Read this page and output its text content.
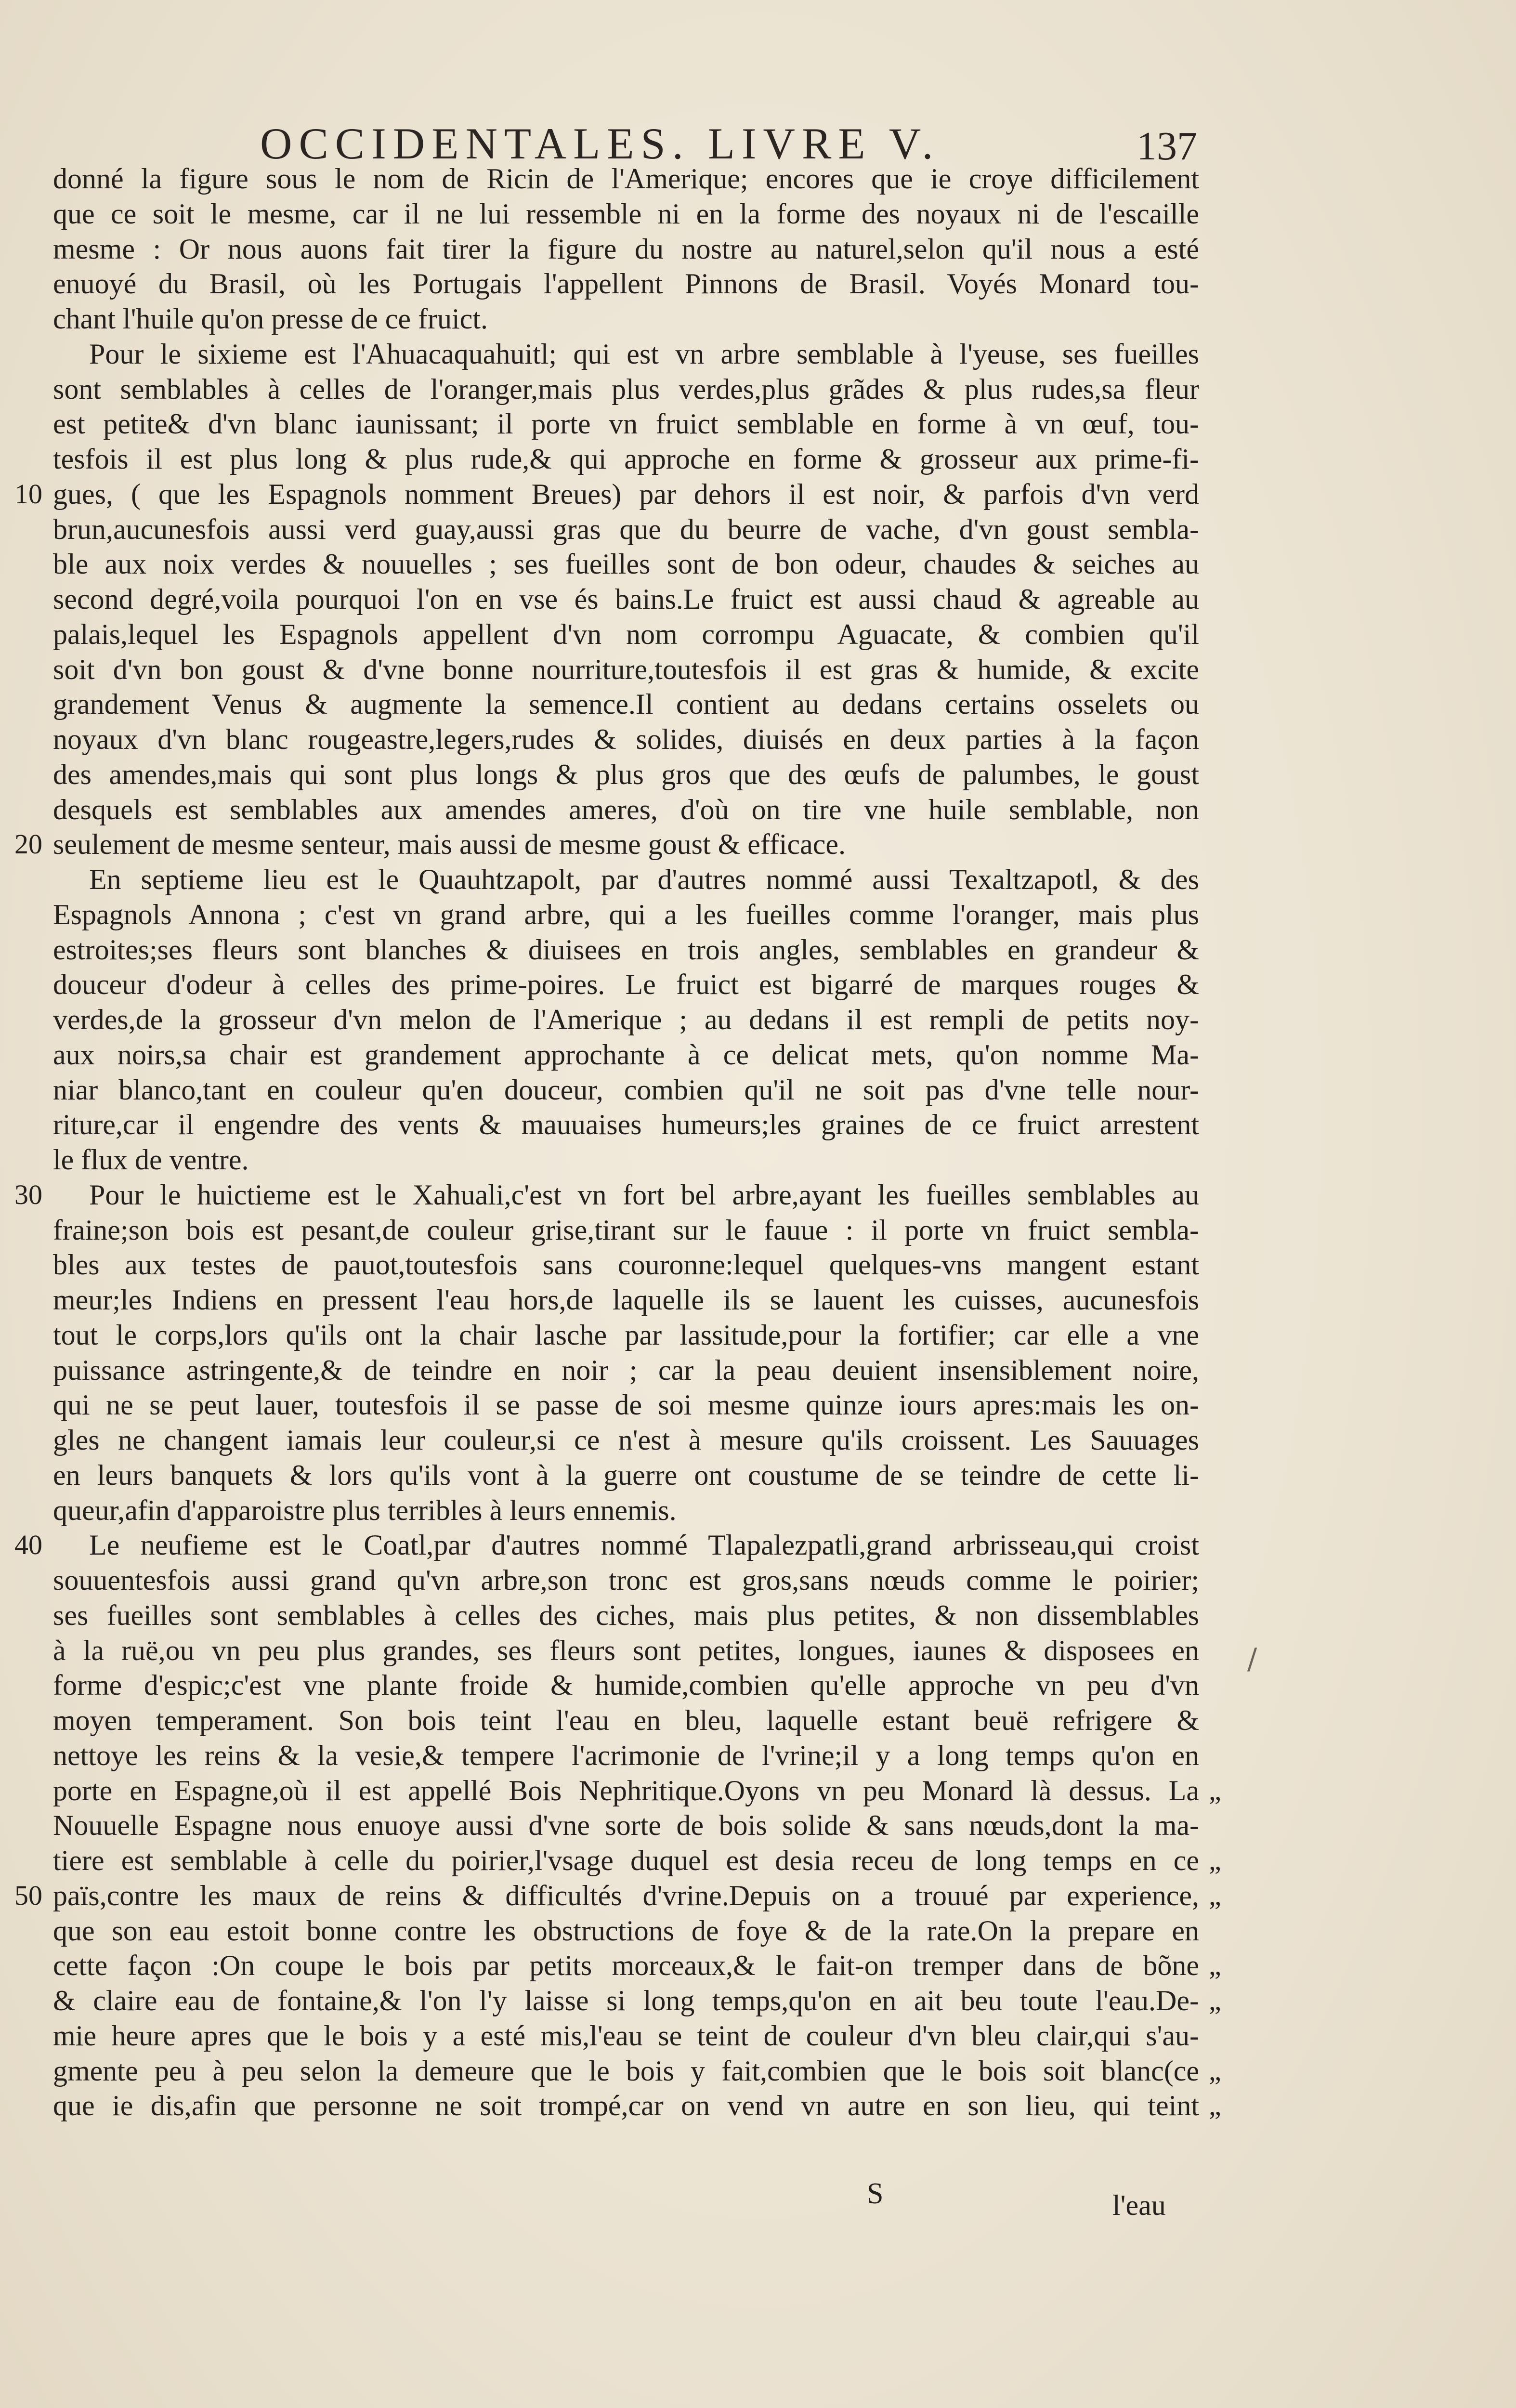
OCCIDENTALES. LIVRE V.	137
donné la figure sous le nom de Ricin de l'Amerique; encores que ie croye difficilement
que ce soit le mesme, car il ne lui ressemble ni en la forme des noyaux ni de l'escaille
mesme : Or nous auons fait tirer la figure du nostre au naturel,selon qu'il nous a esté
enuoyé du Brasil, où les Portugais l'appellent Pinnons de Brasil. Voyés Monard tou-
chant l'huile qu'on presse de ce fruict.
Pour le sixieme est l'Ahuacaquahuitl; qui est vn arbre semblable à l'yeuse, ses fueilles
sont semblables à celles de l'oranger,mais plus verdes,plus grãdes & plus rudes,sa fleur
est petite& d'vn blanc iaunissant; il porte vn fruict semblable en forme à vn œuf, tou-
tesfois il est plus long & plus rude,& qui approche en forme & grosseur aux prime-fi-
10 gues, ( que les Espagnols nomment Breues) par dehors il est noir, & parfois d'vn verd
brun,aucunesfois aussi verd guay,aussi gras que du beurre de vache, d'vn goust sembla-
ble aux noix verdes & nouuelles ; ses fueilles sont de bon odeur, chaudes & seiches au
second degré,voila pourquoi l'on en vse és bains.Le fruict est aussi chaud & agreable au
palais,lequel les Espagnols appellent d'vn nom corrompu Aguacate, & combien qu'il
soit d'vn bon goust & d'vne bonne nourriture,toutesfois il est gras & humide, & excite
grandement Venus & augmente la semence.Il contient au dedans certains osselets ou
noyaux d'vn blanc rougeastre,legers,rudes & solides, diuisés en deux parties à la façon
des amendes,mais qui sont plus longs & plus gros que des œufs de palumbes, le goust
desquels est semblables aux amendes ameres, d'où on tire vne huile semblable, non
20 seulement de mesme senteur, mais aussi de mesme goust & efficace.
En septieme lieu est le Quauhtzapolt, par d'autres nommé aussi Texaltzapotl, & des
Espagnols Annona ; c'est vn grand arbre, qui a les fueilles comme l'oranger, mais plus
estroites;ses fleurs sont blanches & diuisees en trois angles, semblables en grandeur &
douceur d'odeur à celles des prime-poires. Le fruict est bigarré de marques rouges &
verdes,de la grosseur d'vn melon de l'Amerique ; au dedans il est rempli de petits noy-
aux noirs,sa chair est grandement approchante à ce delicat mets, qu'on nomme Ma-
niar blanco,tant en couleur qu'en douceur, combien qu'il ne soit pas d'vne telle nour-
riture,car il engendre des vents & mauuaises humeurs;les graines de ce fruict arrestent
le flux de ventre.
30 Pour le huictieme est le Xahuali,c'est vn fort bel arbre,ayant les fueilles semblables au
fraine;son bois est pesant,de couleur grise,tirant sur le fauue : il porte vn fruict sembla-
bles aux testes de pauot,toutesfois sans couronne:lequel quelques-vns mangent estant
meur;les Indiens en pressent l'eau hors,de laquelle ils se lauent les cuisses, aucunesfois
tout le corps,lors qu'ils ont la chair lasche par lassitude,pour la fortifier; car elle a vne
puissance astringente,& de teindre en noir ; car la peau deuient insensiblement noire,
qui ne se peut lauer, toutesfois il se passe de soi mesme quinze iours apres:mais les on-
gles ne changent iamais leur couleur,si ce n'est à mesure qu'ils croissent. Les Sauuages
en leurs banquets & lors qu'ils vont à la guerre ont coustume de se teindre de cette li-
queur,afin d'apparoistre plus terribles à leurs ennemis.
40 Le neufieme est le Coatl,par d'autres nommé Tlapalezpatli,grand arbrisseau,qui croist
souuentesfois aussi grand qu'vn arbre,son tronc est gros,sans nœuds comme le poirier;
ses fueilles sont semblables à celles des ciches, mais plus petites, & non dissemblables
à la ruë,ou vn peu plus grandes, ses fleurs sont petites, longues, iaunes & disposees en
forme d'espic;c'est vne plante froide & humide,combien qu'elle approche vn peu d'vn
moyen temperament. Son bois teint l'eau en bleu, laquelle estant beuë refrigere &
nettoye les reins & la vesie,& tempere l'acrimonie de l'vrine;il y a long temps qu'on en
porte en Espagne,où il est appellé Bois Nephritique.Oyons vn peu Monard là dessus. La „
Nouuelle Espagne nous enuoye aussi d'vne sorte de bois solide & sans nœuds,dont la ma-
tiere est semblable à celle du poirier,l'vsage duquel est desia receu de long temps en ce „
50 païs,contre les maux de reins & difficultés d'vrine.Depuis on a trouué par experience, „
que son eau estoit bonne contre les obstructions de foye & de la rate.On la prepare en
cette façon :On coupe le bois par petits morceaux,& le fait-on tremper dans de bõne „
& claire eau de fontaine,& l'on l'y laisse si long temps,qu'on en ait beu toute l'eau.De- „
mie heure apres que le bois y a esté mis,l'eau se teint de couleur d'vn bleu clair,qui s'au-
gmente peu à peu selon la demeure que le bois y fait,combien que le bois soit blanc(ce „
que ie dis,afin que personne ne soit trompé,car on vend vn autre en son lieu, qui teint „
/
S	l'eau
